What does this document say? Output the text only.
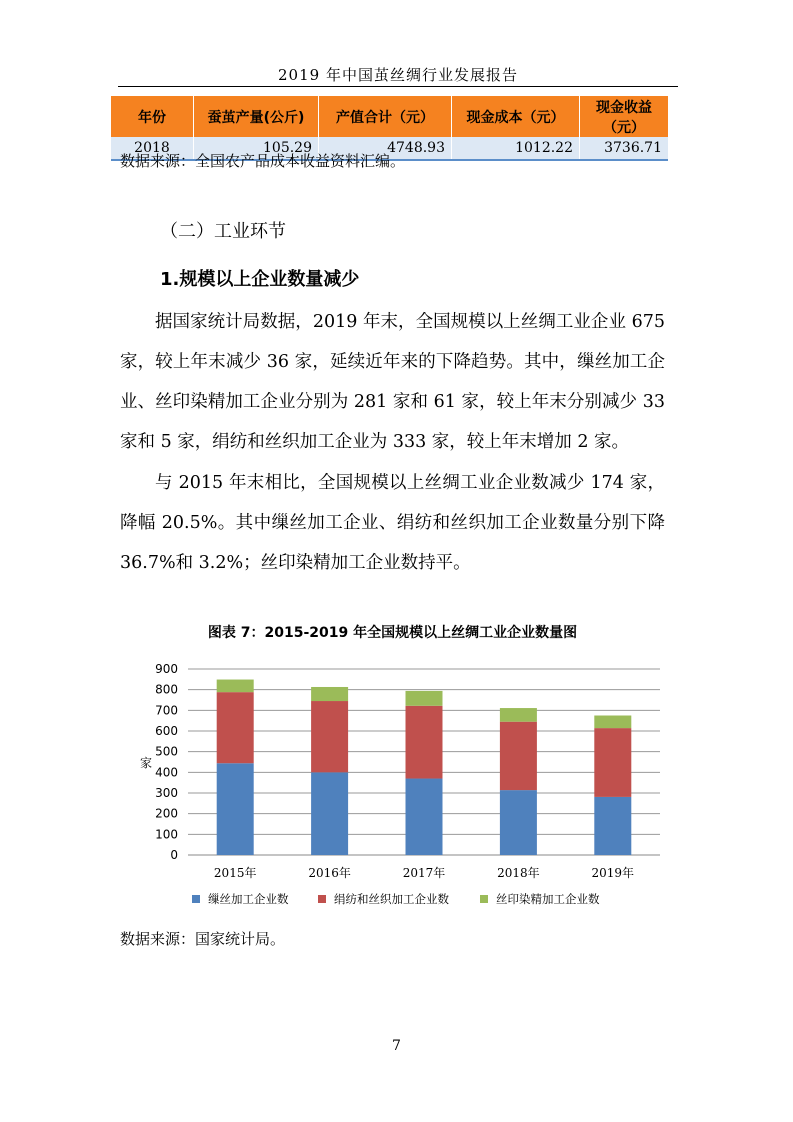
2019 年中国茧丝绸行业发展报告
年份	蚕茧产量(公斤)	产值合计（元）	现金成本（元）	现金收益（元）
2018	105.29	4748.93	1012.22	3736.71
数据来源：全国农产品成本收益资料汇编。
（二）工业环节
1.规模以上企业数量减少
据国家统计局数据，2019 年末，全国规模以上丝绸工业企业 675 家，较上年末减少 36 家，延续近年来的下降趋势。其中，缫丝加工企业、丝印染精加工企业分别为 281 家和 61 家，较上年末分别减少 33 家和 5 家，绢纺和丝织加工企业为 333 家，较上年末增加 2 家。
与 2015 年末相比，全国规模以上丝绸工业企业数减少 174 家，降幅 20.5%。其中缫丝加工企业、绢纺和丝织加工企业数量分别下降 36.7%和 3.2%；丝印染精加工企业数持平。
图表 7：2015-2019 年全国规模以上丝绸工业企业数量图
0
100
200
300
400
500
600
700
800
900
家
2015年	2016年	2017年	2018年	2019年
缫丝加工企业数	绢纺和丝织加工企业数	丝印染精加工企业数
数据来源：国家统计局。
7
